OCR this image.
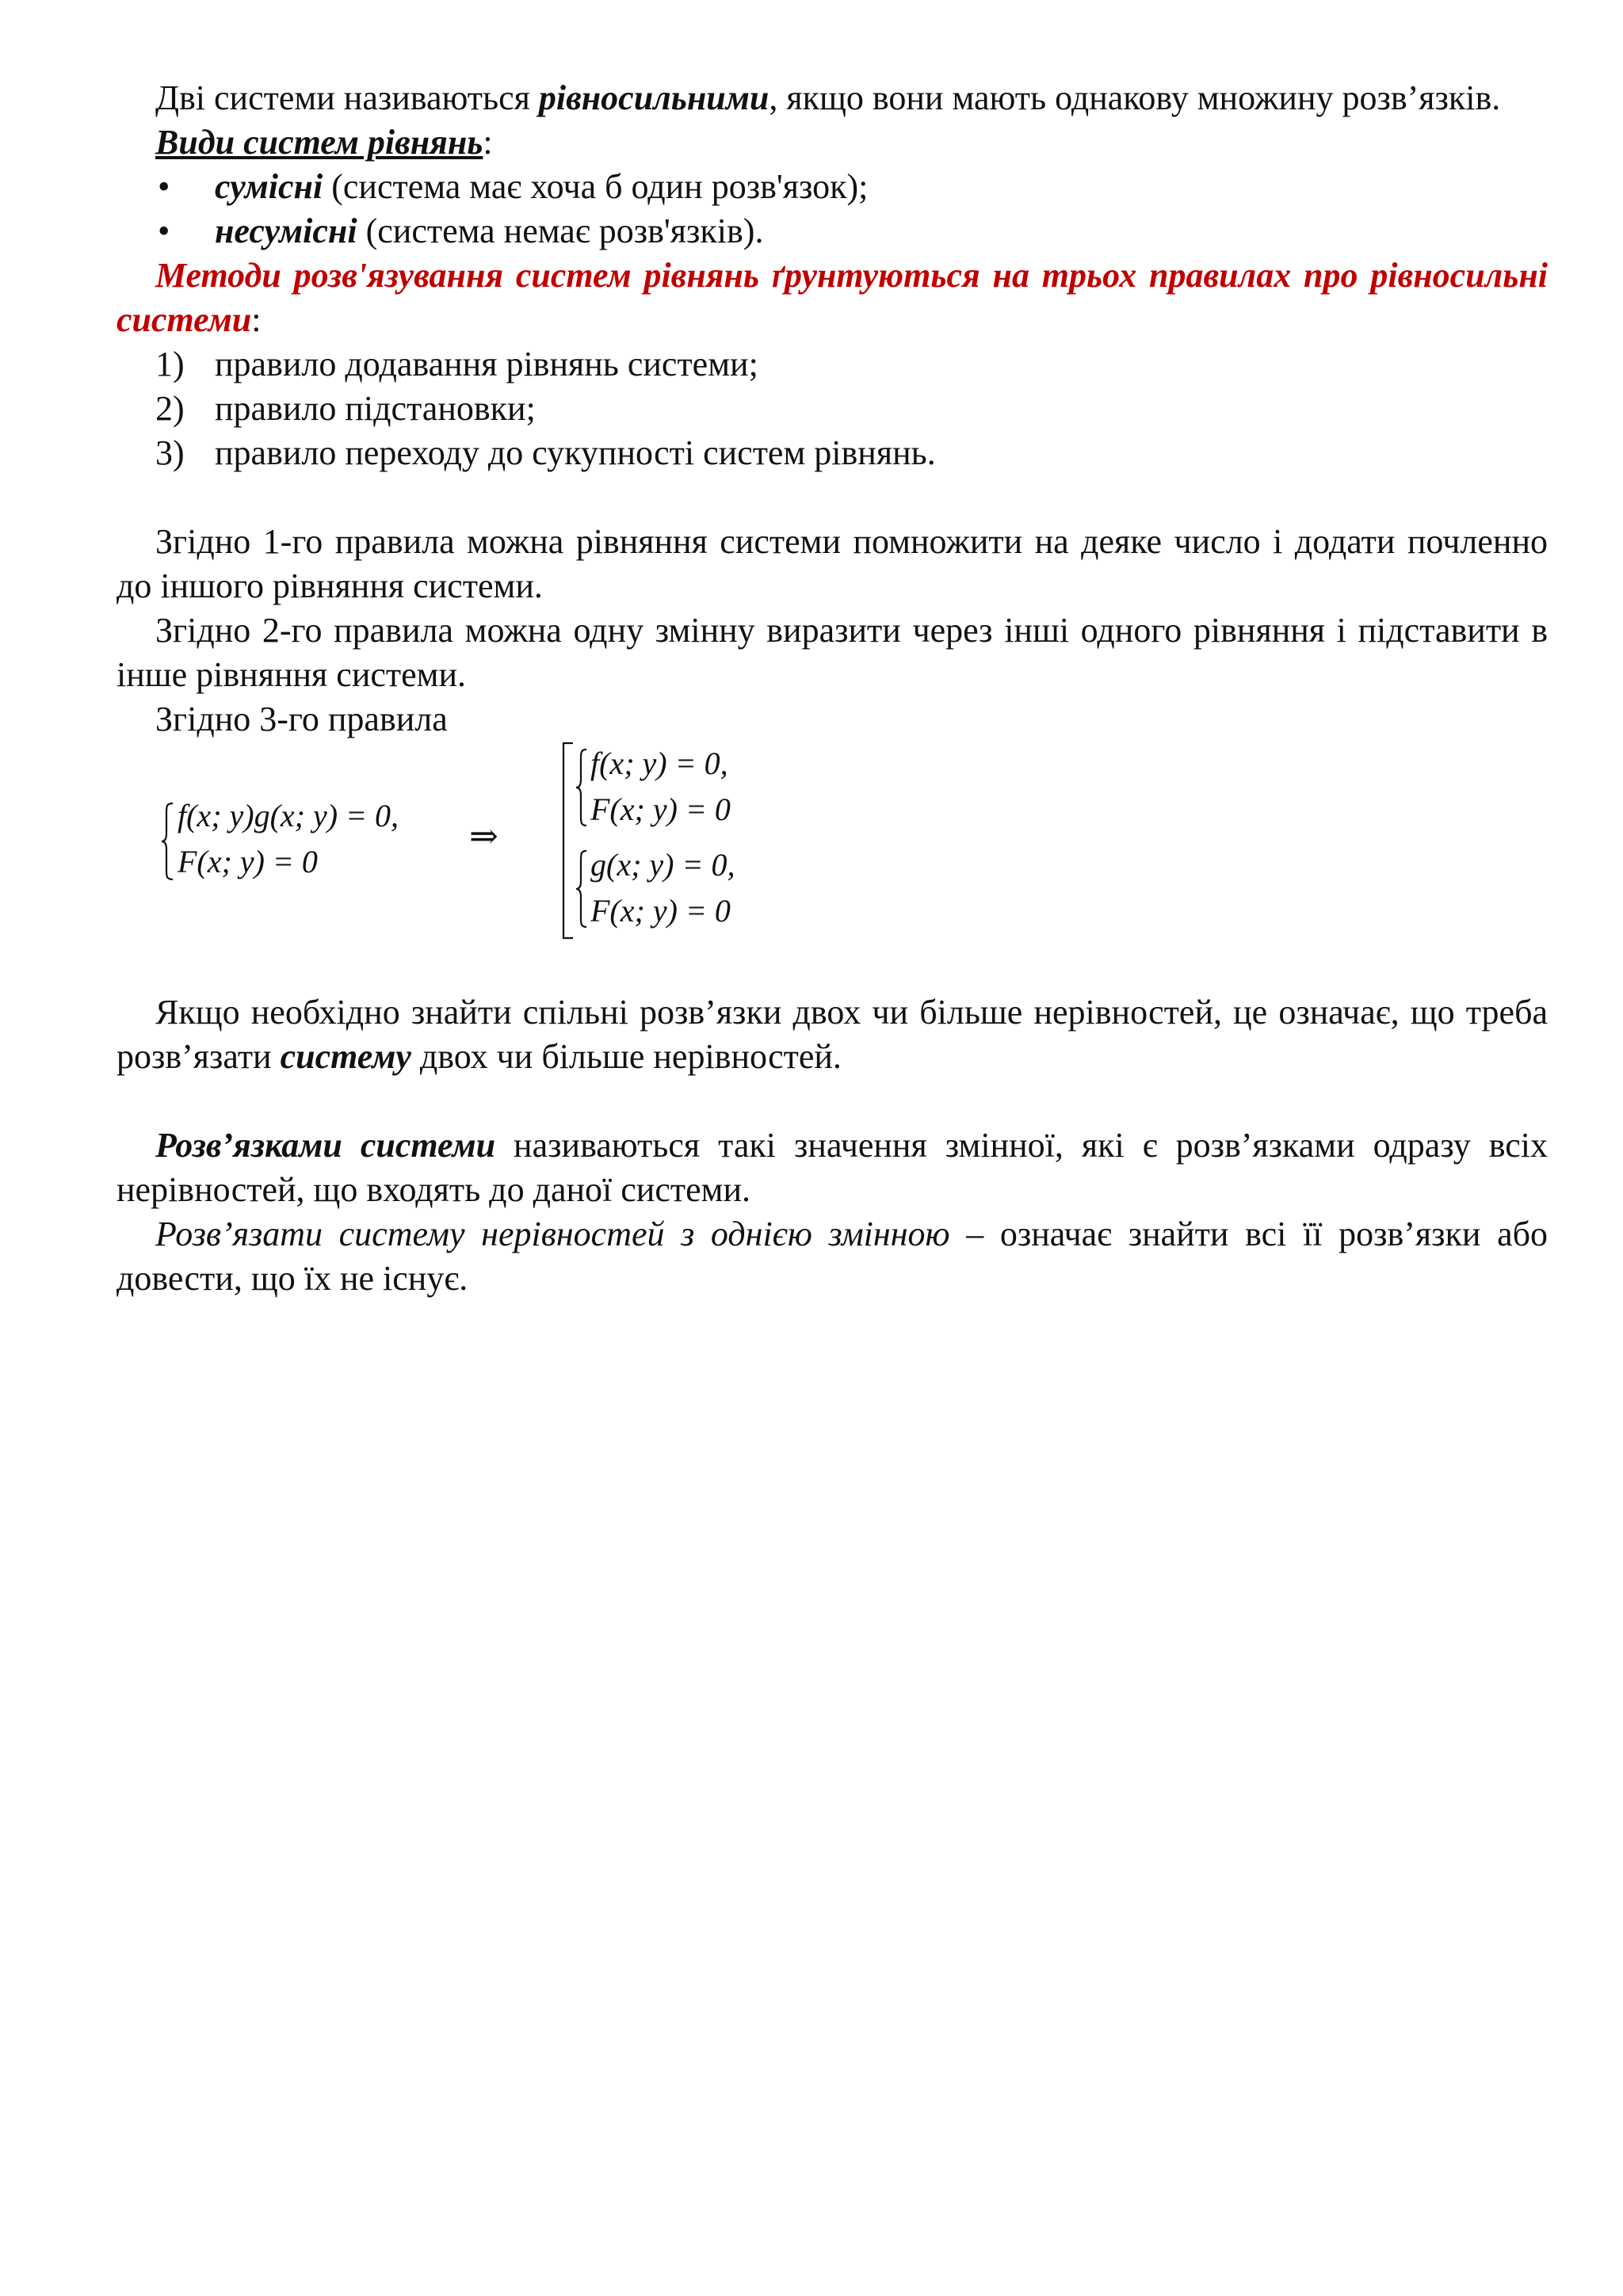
Дві системи називаються рівносильними, якщо вони мають однакову множину розв’язків.

Види систем рівнянь:

• сумісні (система має хоча б один розв'язок);
• несумісні (система немає розв'язків).

Методи розв'язування систем рівнянь ґрунтуються на трьох правилах про рівносильні системи:

1) правило додавання рівнянь системи;
2) правило підстановки;
3) правило переходу до сукупності систем рівнянь.

Згідно 1-го правила можна рівняння системи помножити на деяке число і додати почленно до іншого рівняння системи.

Згідно 2-го правила можна одну змінну виразити через інші одного рівняння і підставити в інше рівняння системи.

Згідно 3-го правила

f(x; y)g(x; y) = 0,
F(x; y) = 0
⇒
f(x; y) = 0,
F(x; y) = 0
g(x; y) = 0,
F(x; y) = 0

Якщо необхідно знайти спільні розв’язки двох чи більше нерівностей, це означає, що треба розв’язати систему двох чи більше нерівностей.

Розв’язками системи називаються такі значення змінної, які є розв’язками одразу всіх нерівностей, що входять до даної системи.

Розв’язати систему нерівностей з однією змінною – означає знайти всі її розв’язки або довести, що їх не існує.
